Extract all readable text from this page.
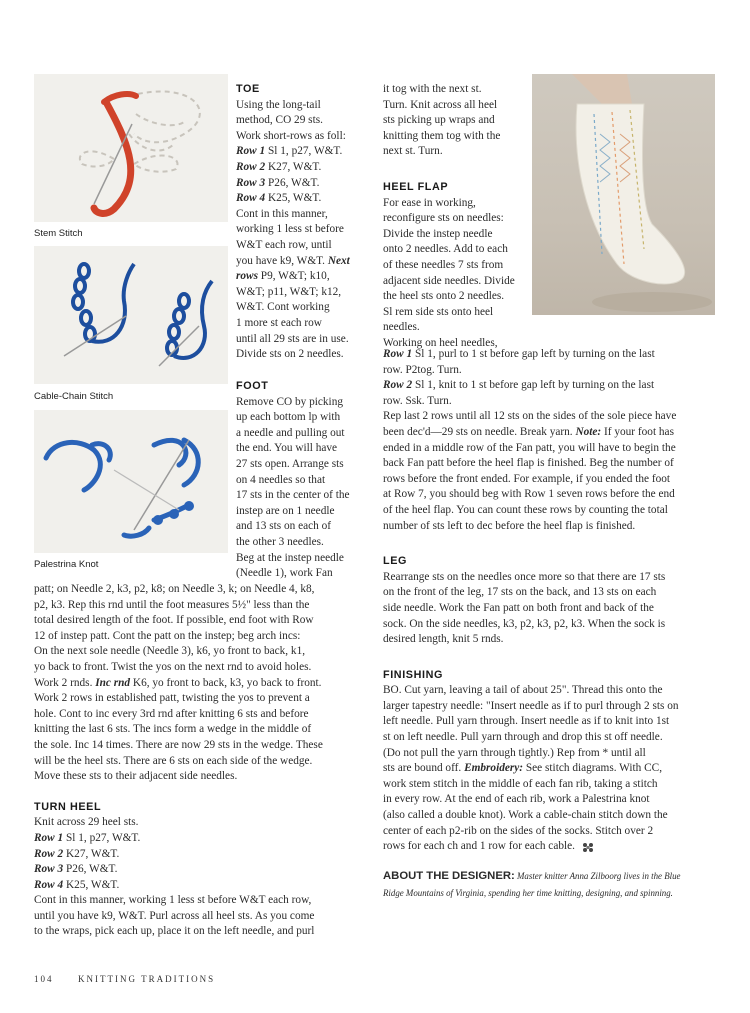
Stem Stitch
Cable-Chain Stitch
Palestrina Knot

TOE

Using the long-tail

method, CO 29 sts.

Work short-rows as foll:

Row 1 Sl 1, p27, W&T.

Row 2 K27, W&T.

Row 3 P26, W&T.

Row 4 K25, W&T.

Cont in this manner,

working 1 less st before

W&T each row, until

you have k9, W&T. Next

rows P9, W&T; k10,

W&T; p11, W&T; k12,

W&T. Cont working

1 more st each row

until all 29 sts are in use.

Divide sts on 2 needles.

FOOT

Remove CO by picking

up each bottom lp with

a needle and pulling out

the end. You will have

27 sts open. Arrange sts

on 4 needles so that

17 sts in the center of the

instep are on 1 needle

and 13 sts on each of

the other 3 needles.

Beg at the instep needle

(Needle 1), work Fan

patt; on Needle 2, k3, p2, k8; on Needle 3, k; on Needle 4, k8,

p2, k3. Rep this rnd until the foot measures 5½" less than the

total desired length of the foot. If possible, end foot with Row

12 of instep patt. Cont the patt on the instep; beg arch incs:

On the next sole needle (Needle 3), k6, yo front to back, k1,

yo back to front. Twist the yos on the next rnd to avoid holes.

Work 2 rnds. Inc rnd K6, yo front to back, k3, yo back to front.

Work 2 rows in established patt, twisting the yos to prevent a

hole. Cont to inc every 3rd rnd after knitting 6 sts and before

knitting the last 6 sts. The incs form a wedge in the middle of

the sole. Inc 14 times. There are now 29 sts in the wedge. These

will be the heel sts. There are 6 sts on each side of the wedge.

Move these sts to their adjacent side needles.

TURN HEEL

Knit across 29 heel sts.

Row 1 Sl 1, p27, W&T.

Row 2 K27, W&T.

Row 3 P26, W&T.

Row 4 K25, W&T.

Cont in this manner, working 1 less st before W&T each row,

until you have k9, W&T. Purl across all heel sts. As you come

to the wraps, pick each up, place it on the left needle, and purl

it tog with the next st.

Turn. Knit across all heel

sts picking up wraps and

knitting them tog with the

next st. Turn.

HEEL FLAP

For ease in working,

reconfigure sts on needles:

Divide the instep needle

onto 2 needles. Add to each

of these needles 7 sts from

adjacent side needles. Divide

the heel sts onto 2 needles.

Sl rem side sts onto heel

needles.

Working on heel needles,

Row 1 Sl 1, purl to 1 st before gap left by turning on the last

row. P2tog. Turn.

Row 2 Sl 1, knit to 1 st before gap left by turning on the last

row. Ssk. Turn.

Rep last 2 rows until all 12 sts on the sides of the sole piece have

been dec'd—29 sts on needle. Break yarn. Note: If your foot has

ended in a middle row of the Fan patt, you will have to begin the

back Fan patt before the heel flap is finished. Beg the number of

rows before the front ended. For example, if you ended the foot

at Row 7, you should beg with Row 1 seven rows before the end

of the heel flap. You can count these rows by counting the total

number of sts left to dec before the heel flap is finished.

LEG

Rearrange sts on the needles once more so that there are 17 sts

on the front of the leg, 17 sts on the back, and 13 sts on each

side needle. Work the Fan patt on both front and back of the

sock. On the side needles, k3, p2, k3, p2, k3. When the sock is

desired length, knit 5 rnds.

FINISHING

BO. Cut yarn, leaving a tail of about 25". Thread this onto the

larger tapestry needle: "Insert needle as if to purl through 2 sts on

left needle. Pull yarn through. Insert needle as if to knit into 1st

st on left needle. Pull yarn through and drop this st off needle.

(Do not pull the yarn through tightly.) Rep from * until all

sts are bound off. Embroidery: See stitch diagrams. With CC,

work stem stitch in the middle of each fan rib, taking a stitch

in every row. At the end of each rib, work a Palestrina knot

(also called a double knot). Work a cable-chain stitch down the

center of each p2-rib on the sides of the socks. Stitch over 2

rows for each ch and 1 row for each cable.

ABOUT THE DESIGNER: Master knitter Anna Zilboorg lives in the Blue

Ridge Mountains of Virginia, spending her time knitting, designing, and spinning.

104	KNITTING TRADITIONS
